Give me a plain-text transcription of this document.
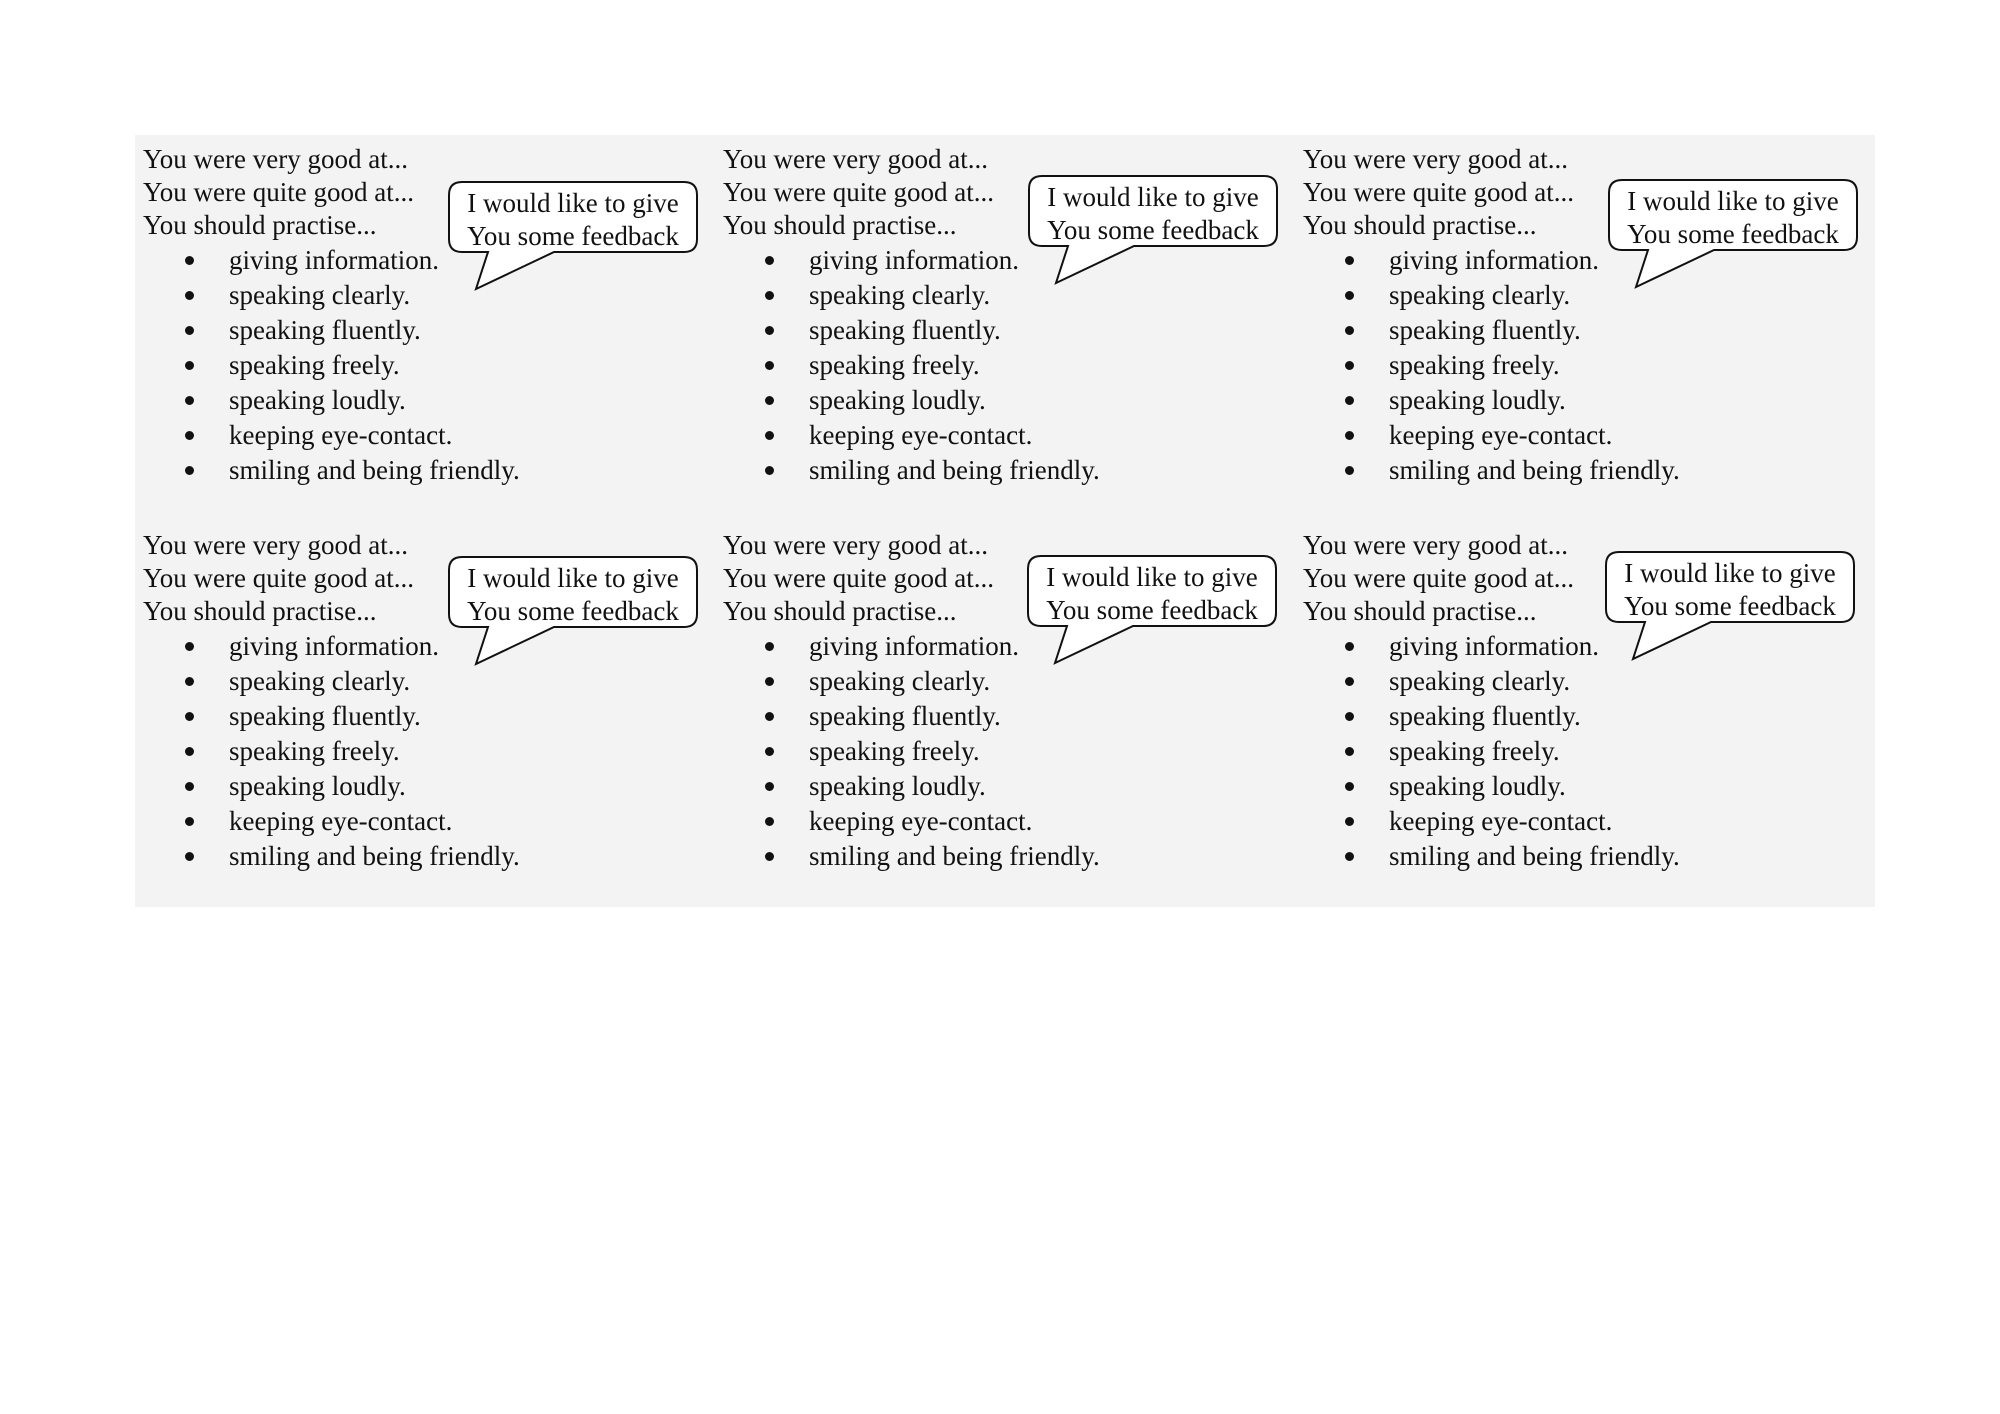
You were very good at...
You were quite good at...
You should practise...
giving information.
speaking clearly.
speaking fluently.
speaking freely.
speaking loudly.
keeping eye-contact.
smiling and being friendly.
I would like to give
You some feedback
You were very good at...
You were quite good at...
You should practise...
giving information.
speaking clearly.
speaking fluently.
speaking freely.
speaking loudly.
keeping eye-contact.
smiling and being friendly.
I would like to give
You some feedback
You were very good at...
You were quite good at...
You should practise...
giving information.
speaking clearly.
speaking fluently.
speaking freely.
speaking loudly.
keeping eye-contact.
smiling and being friendly.
I would like to give
You some feedback
You were very good at...
You were quite good at...
You should practise...
giving information.
speaking clearly.
speaking fluently.
speaking freely.
speaking loudly.
keeping eye-contact.
smiling and being friendly.
I would like to give
You some feedback
You were very good at...
You were quite good at...
You should practise...
giving information.
speaking clearly.
speaking fluently.
speaking freely.
speaking loudly.
keeping eye-contact.
smiling and being friendly.
I would like to give
You some feedback
You were very good at...
You were quite good at...
You should practise...
giving information.
speaking clearly.
speaking fluently.
speaking freely.
speaking loudly.
keeping eye-contact.
smiling and being friendly.
I would like to give
You some feedback
